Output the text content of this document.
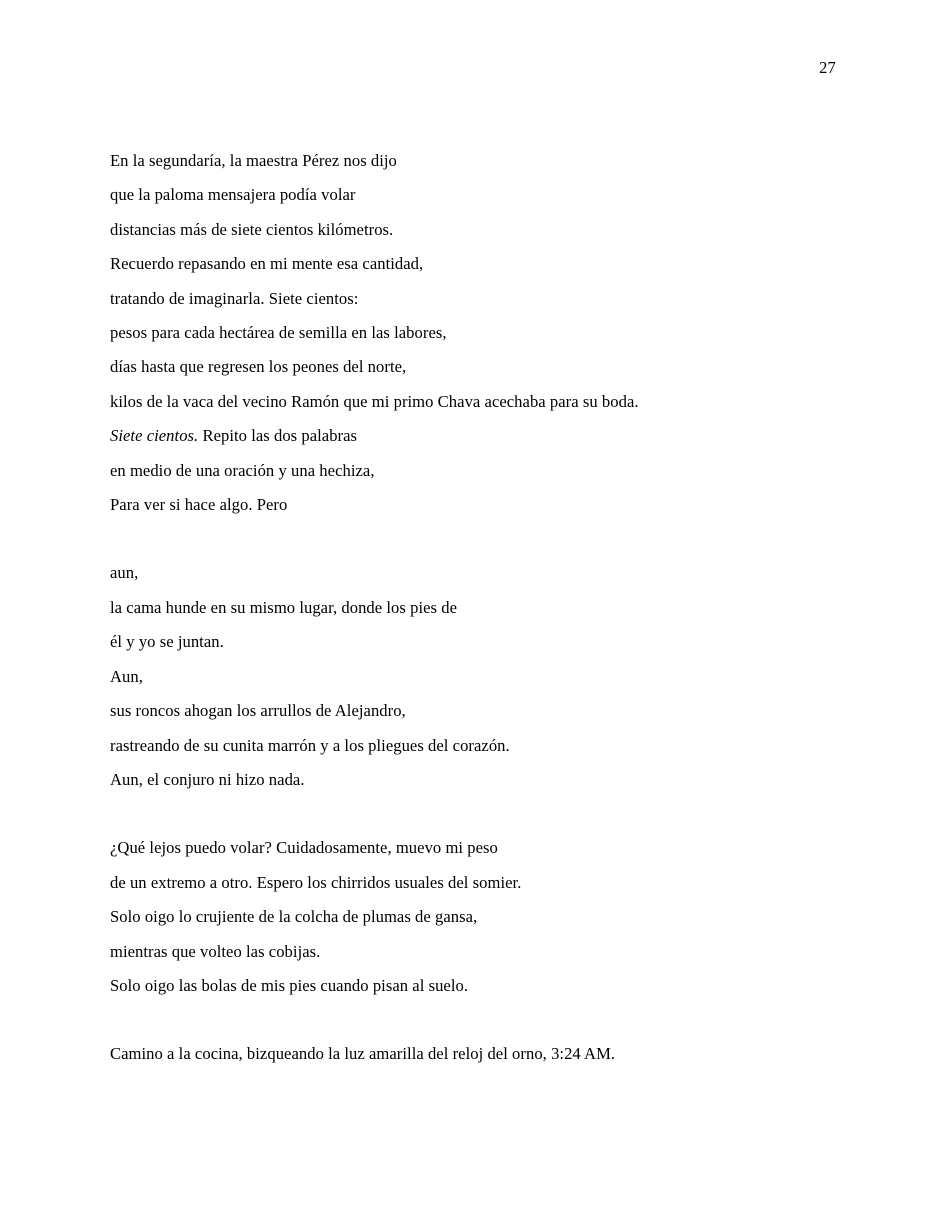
27
En la segundaría, la maestra Pérez nos dijo
que la paloma mensajera podía volar
distancias más de siete cientos kilómetros.
Recuerdo repasando en mi mente esa cantidad,
tratando de imaginarla. Siete cientos:
pesos para cada hectárea de semilla en las labores,
días hasta que regresen los peones del norte,
kilos de la vaca del vecino Ramón que mi primo Chava acechaba para su boda.
Siete cientos. Repito las dos palabras
en medio de una oración y una hechiza,
Para ver si hace algo. Pero
aun,
la cama hunde en su mismo lugar, donde los pies de
él y yo se juntan.
Aun,
sus roncos ahogan los arrullos de Alejandro,
rastreando de su cunita marrón y a los pliegues del corazón.
Aun, el conjuro ni hizo nada.
¿Qué lejos puedo volar? Cuidadosamente, muevo mi peso
de un extremo a otro. Espero los chirridos usuales del somier.
Solo oigo lo crujiente de la colcha de plumas de gansa,
mientras que volteo las cobijas.
Solo oigo las bolas de mis pies cuando pisan al suelo.
Camino a la cocina, bizqueando la luz amarilla del reloj del orno, 3:24 AM.
